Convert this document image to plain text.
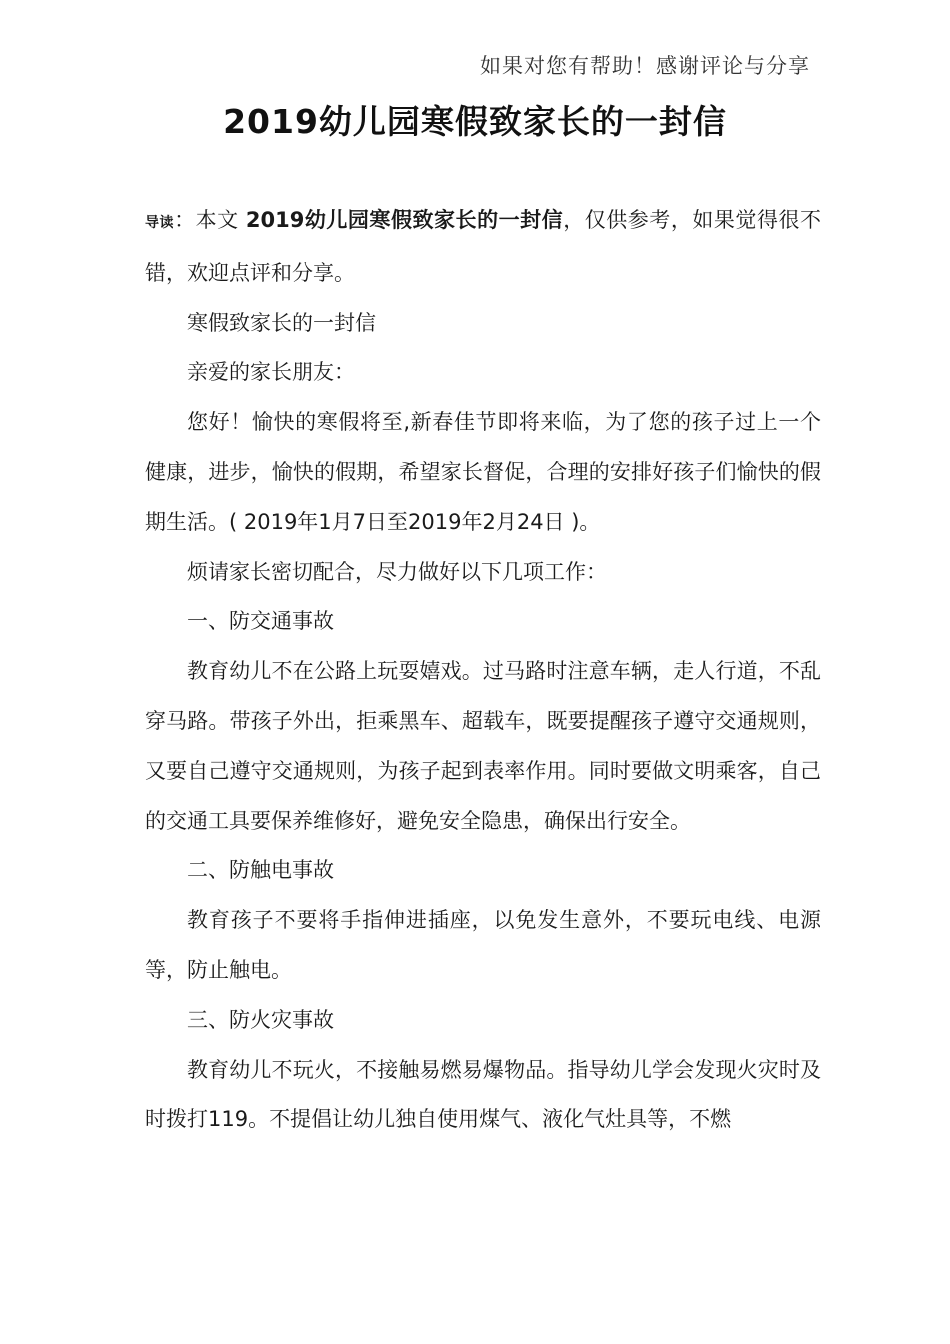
如果对您有帮助！感谢评论与分享
2019幼儿园寒假致家长的一封信

导读：本文 2019幼儿园寒假致家长的一封信，仅供参考，如果觉得很不错，欢迎点评和分享。

寒假致家长的一封信

亲爱的家长朋友：

您好！愉快的寒假将至,新春佳节即将来临，为了您的孩子过上一个健康，进步，愉快的假期，希望家长督促，合理的安排好孩子们愉快的假期生活。( 2019年1月7日至2019年2月24日 )。

烦请家长密切配合，尽力做好以下几项工作：

一、防交通事故

教育幼儿不在公路上玩耍嬉戏。过马路时注意车辆，走人行道，不乱穿马路。带孩子外出，拒乘黑车、超载车，既要提醒孩子遵守交通规则，又要自己遵守交通规则，为孩子起到表率作用。同时要做文明乘客，自己的交通工具要保养维修好，避免安全隐患，确保出行安全。

二、防触电事故

教育孩子不要将手指伸进插座，以免发生意外，不要玩电线、电源等，防止触电。

三、防火灾事故

教育幼儿不玩火，不接触易燃易爆物品。指导幼儿学会发现火灾时及时拨打119。不提倡让幼儿独自使用煤气、液化气灶具等，不燃
